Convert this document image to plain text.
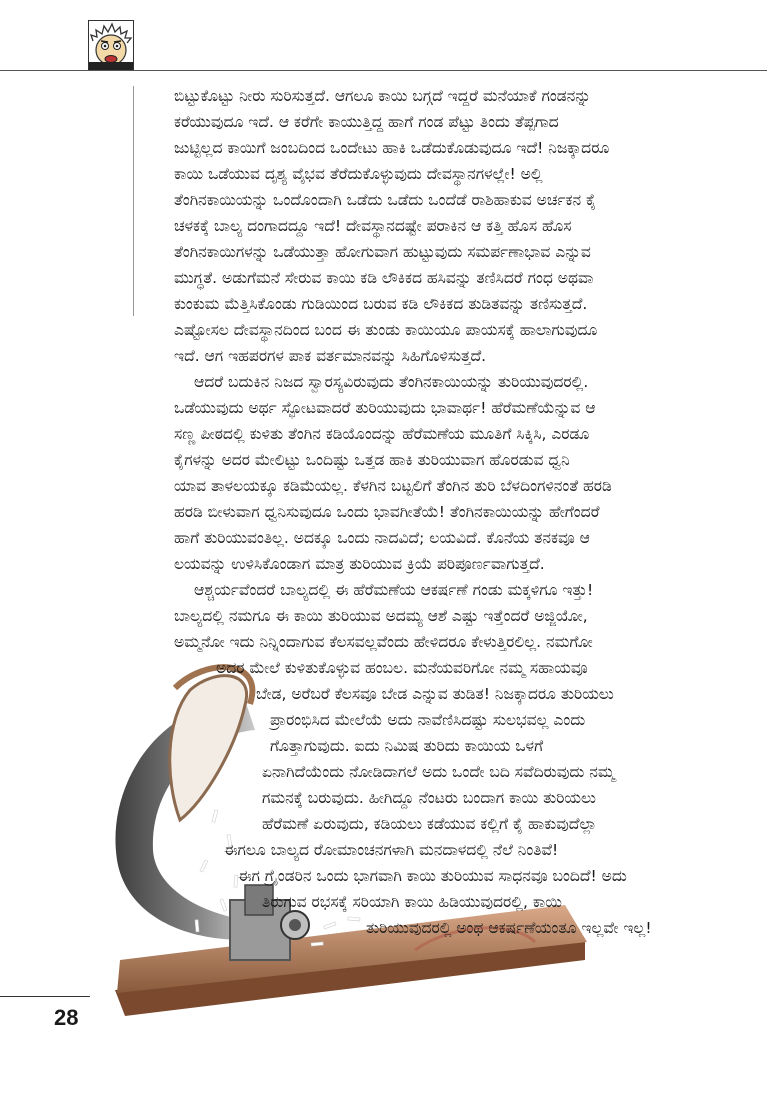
ಬಿಟ್ಟುಕೊಟ್ಟು ನೀರು ಸುರಿಸುತ್ತದೆ. ಆಗಲೂ ಕಾಯಿ ಬಗ್ಗದೆ ಇದ್ದರೆ ಮನೆಯಾಕೆ ಗಂಡನನ್ನು
ಕರೆಯುವುದೂ ಇದೆ. ಆ ಕರೆಗೇ ಕಾಯುತ್ತಿದ್ದ ಹಾಗೆ ಗಂಡ ಪೆಟ್ಟು ತಿಂದು ತೆಪ್ಪಗಾದ
ಜುಟ್ಟಿಲ್ಲದ ಕಾಯಿಗೆ ಜಂಬದಿಂದ ಒಂದೇಟು ಹಾಕಿ ಒಡೆದುಕೊಡುವುದೂ ಇದೆ! ನಿಜಕ್ಕಾದರೂ
ಕಾಯಿ ಒಡೆಯುವ ದೃಶ್ಯ ವೈಭವ ತೆರೆದುಕೊಳ್ಳುವುದು ದೇವಸ್ಥಾನಗಳಲ್ಲೇ! ಅಲ್ಲಿ
ತೆಂಗಿನಕಾಯಿಯನ್ನು ಒಂದೊಂದಾಗಿ ಒಡೆದು ಒಡೆದು ಒಂದೆಡೆ ರಾಶಿಹಾಕುವ ಅರ್ಚಕನ ಕೈ
ಚಳಕಕ್ಕೆ ಬಾಲ್ಯ ದಂಗಾದದ್ದೂ ಇದೆ! ದೇವಸ್ಥಾನದಷ್ಟೇ ಪರಾಕಿನ ಆ ಕತ್ತಿ ಹೊಸ ಹೊಸ
ತೆಂಗಿನಕಾಯಿಗಳನ್ನು ಒಡೆಯುತ್ತಾ ಹೋಗುವಾಗ ಹುಟ್ಟುವುದು ಸಮರ್ಪಣಾಭಾವ ಎನ್ನುವ
ಮುಗ್ಧತೆ. ಅಡುಗೆಮನೆ ಸೇರುವ ಕಾಯಿ ಕಡಿ ಲೌಕಿಕದ ಹಸಿವನ್ನು ತಣಿಸಿದರೆ ಗಂಧ ಅಥವಾ
ಕುಂಕುಮ ಮೆತ್ತಿಸಿಕೊಂಡು ಗುಡಿಯಿಂದ ಬರುವ ಕಡಿ ಲೌಕಿಕದ ತುಡಿತವನ್ನು ತಣಿಸುತ್ತದೆ.
ಎಷ್ಟೋಸಲ ದೇವಸ್ಥಾನದಿಂದ ಬಂದ ಈ ತುಂಡು ಕಾಯಿಯೂ ಪಾಯಸಕ್ಕೆ ಹಾಲಾಗುವುದೂ
ಇದೆ. ಆಗ ಇಹಪರಗಳ ಪಾಕ ವರ್ತಮಾನವನ್ನು ಸಿಹಿಗೊಳಿಸುತ್ತದೆ.
ಆದರೆ ಬದುಕಿನ ನಿಜದ ಸ್ವಾರಸ್ಯವಿರುವುದು ತೆಂಗಿನಕಾಯಿಯನ್ನು ತುರಿಯುವುದರಲ್ಲಿ.
ಒಡೆಯುವುದು ಅರ್ಥ ಸ್ಫೋಟವಾದರೆ ತುರಿಯುವುದು ಭಾವಾರ್ಥ! ಹೆರೆಮಣೆಯೆನ್ನುವ ಆ
ಸಣ್ಣ ಪೀಠದಲ್ಲಿ ಕುಳಿತು ತೆಂಗಿನ ಕಡಿಯೊಂದನ್ನು ಹೆರೆಮಣೆಯ ಮೂತಿಗೆ ಸಿಕ್ಕಿಸಿ, ಎರಡೂ
ಕೈಗಳನ್ನು ಅದರ ಮೇಲಿಟ್ಟು ಒಂದಿಷ್ಟು ಒತ್ತಡ ಹಾಕಿ ತುರಿಯುವಾಗ ಹೊರಡುವ ಧ್ವನಿ
ಯಾವ ತಾಳಲಯಕ್ಕೂ ಕಡಿಮೆಯಲ್ಲ. ಕೆಳಗಿನ ಬಟ್ಟಲಿಗೆ ತೆಂಗಿನ ತುರಿ ಬೆಳದಿಂಗಳಿನಂತೆ ಹರಡಿ
ಹರಡಿ ಬೀಳುವಾಗ ಧ್ವನಿಸುವುದೂ ಒಂದು ಭಾವಗೀತೆಯೆ! ತೆಂಗಿನಕಾಯಿಯನ್ನು ಹೇಗೆಂದರೆ
ಹಾಗೆ ತುರಿಯುವಂತಿಲ್ಲ. ಅದಕ್ಕೂ ಒಂದು ನಾದವಿದೆ; ಲಯವಿದೆ. ಕೊನೆಯ ತನಕವೂ ಆ
ಲಯವನ್ನು ಉಳಿಸಿಕೊಂಡಾಗ ಮಾತ್ರ ತುರಿಯುವ ಕ್ರಿಯೆ ಪರಿಪೂರ್ಣವಾಗುತ್ತದೆ.
ಆಶ್ಚರ್ಯವೆಂದರೆ ಬಾಲ್ಯದಲ್ಲಿ ಈ ಹೆರೆಮಣೆಯ ಆಕರ್ಷಣೆ ಗಂಡು ಮಕ್ಕಳಿಗೂ ಇತ್ತು!
ಬಾಲ್ಯದಲ್ಲಿ ನಮಗೂ ಈ ಕಾಯಿ ತುರಿಯುವ ಅದಮ್ಯ ಆಶೆ ಎಷ್ಟು ಇತ್ತೆಂದರೆ ಅಜ್ಜಿಯೋ,
ಅಮ್ಮನೋ ಇದು ನಿನ್ನಿಂದಾಗುವ ಕೆಲಸವಲ್ಲವೆಂದು ಹೇಳಿದರೂ ಕೇಳುತ್ತಿರಲಿಲ್ಲ. ನಮಗೋ
ಅದರ ಮೇಲೆ ಕುಳಿತುಕೊಳ್ಳುವ ಹಂಬಲ. ಮನೆಯವರಿಗೋ ನಮ್ಮ ಸಹಾಯವೂ
ಬೇಡ, ಅರೆಬರೆ ಕೆಲಸವೂ ಬೇಡ ಎನ್ನುವ ತುಡಿತ! ನಿಜಕ್ಕಾದರೂ ತುರಿಯಲು
ಪ್ರಾರಂಭಿಸಿದ ಮೇಲೆಯೆ ಅದು ನಾವೆಣಿಸಿದಷ್ಟು ಸುಲಭವಲ್ಲ ಎಂದು
ಗೊತ್ತಾಗುವುದು. ಐದು ನಿಮಿಷ ತುರಿದು ಕಾಯಿಯ ಒಳಗೆ
ಏನಾಗಿದೆಯೆಂದು ನೋಡಿದಾಗಲೆ ಅದು ಒಂದೇ ಬದಿ ಸವೆದಿರುವುದು ನಮ್ಮ
ಗಮನಕ್ಕೆ ಬರುವುದು. ಹೀಗಿದ್ದೂ ನೆಂಟರು ಬಂದಾಗ ಕಾಯಿ ತುರಿಯಲು
ಹೆರೆಮಣೆ ಏರುವುದು, ಕಡಿಯಲು ಕಡೆಯುವ ಕಲ್ಲಿಗೆ ಕೈ ಹಾಕುವುದೆಲ್ಲಾ
ಈಗಲೂ ಬಾಲ್ಯದ ರೋಮಾಂಚನಗಳಾಗಿ ಮನದಾಳದಲ್ಲಿ ನೆಲೆ ನಿಂತಿವೆ!
ಈಗ ಗ್ರೈಂಡರಿನ ಒಂದು ಭಾಗವಾಗಿ ಕಾಯಿ ತುರಿಯುವ ಸಾಧನವೂ ಬಂದಿದೆ! ಅದು
ತಿರುಗುವ ರಭಸಕ್ಕೆ ಸರಿಯಾಗಿ ಕಾಯಿ ಹಿಡಿಯುವುದರಲ್ಲಿ, ಕಾಯಿ
ತುರಿಯುವುದರಲ್ಲಿ ಅಂಥ ಆಕರ್ಷಣೆಯಂತೂ ಇಲ್ಲವೇ ಇಲ್ಲ!
28
